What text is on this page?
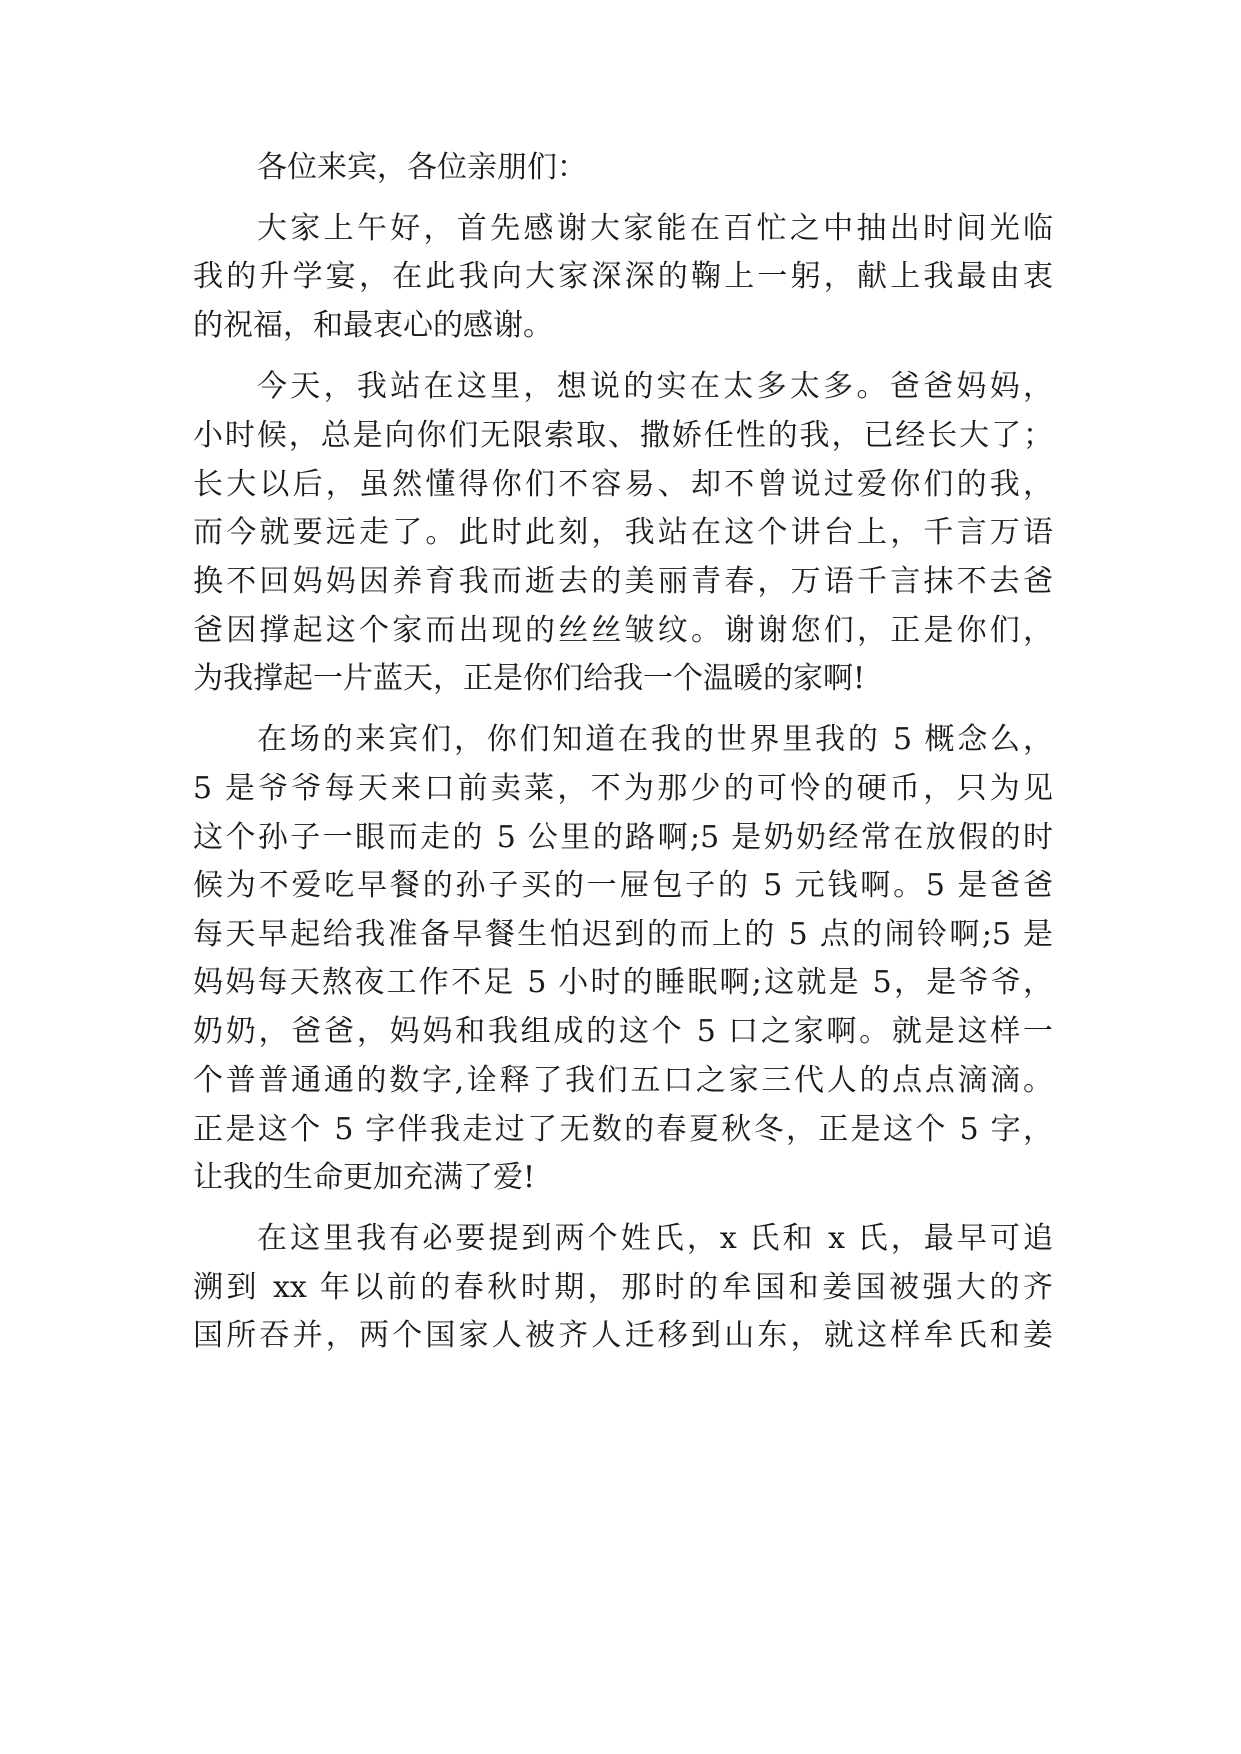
各位来宾，各位亲朋们：
大家上午好，首先感谢大家能在百忙之中抽出时间光临
我的升学宴，在此我向大家深深的鞠上一躬，献上我最由衷
的祝福，和最衷心的感谢。
今天，我站在这里，想说的实在太多太多。爸爸妈妈，
小时候，总是向你们无限索取、撒娇任性的我，已经长大了；
长大以后，虽然懂得你们不容易、却不曾说过爱你们的我，
而今就要远走了。此时此刻，我站在这个讲台上，千言万语
换不回妈妈因养育我而逝去的美丽青春，万语千言抹不去爸
爸因撑起这个家而出现的丝丝皱纹。谢谢您们，正是你们，
为我撑起一片蓝天，正是你们给我一个温暖的家啊!
在场的来宾们，你们知道在我的世界里我的 5 概念么，
5 是爷爷每天来口前卖菜，不为那少的可怜的硬币，只为见
这个孙子一眼而走的 5 公里的路啊;5 是奶奶经常在放假的时
候为不爱吃早餐的孙子买的一屉包子的 5 元钱啊。5 是爸爸
每天早起给我准备早餐生怕迟到的而上的 5 点的闹铃啊;5 是
妈妈每天熬夜工作不足 5 小时的睡眠啊;这就是 5，是爷爷，
奶奶，爸爸，妈妈和我组成的这个 5 口之家啊。就是这样一
个普普通通的数字,诠释了我们五口之家三代人的点点滴滴。
正是这个 5 字伴我走过了无数的春夏秋冬，正是这个 5 字，
让我的生命更加充满了爱!
在这里我有必要提到两个姓氏，x 氏和 x 氏，最早可追
溯到 xx 年以前的春秋时期，那时的牟国和姜国被强大的齐
国所吞并，两个国家人被齐人迁移到山东，就这样牟氏和姜
